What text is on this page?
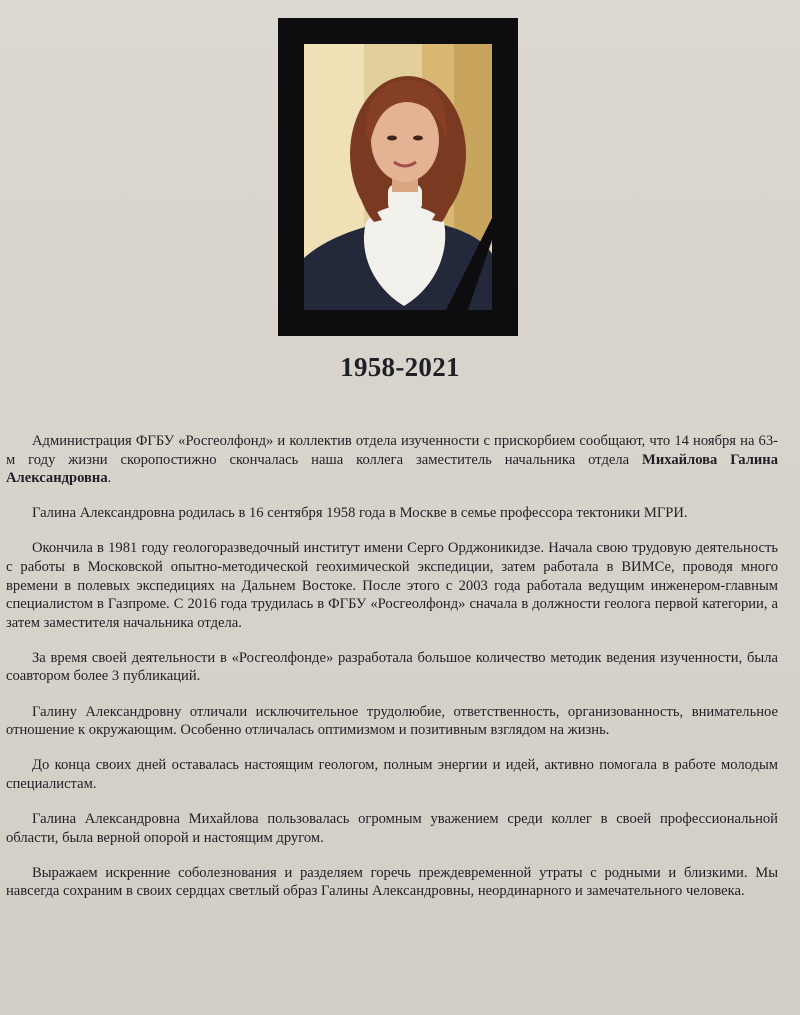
1958-2021

Администрация ФГБУ «Росгеолфонд» и коллектив отдела изученности с прискорбием сообщают, что 14 ноября на 63-м году жизни скоропостижно скончалась наша коллега заместитель начальника отдела Михайлова Галина Александровна.

Галина Александровна родилась в 16 сентября 1958 года в Москве в семье профессора тектоники МГРИ.

Окончила в 1981 году геологоразведочный институт имени Серго Орджоникидзе. Начала свою трудовую деятельность с работы в Московской опытно-методической геохимической экспедиции, затем работала в ВИМСе, проводя много времени в полевых экспедициях на Дальнем Востоке. После этого с 2003 года работала ведущим инженером-главным специалистом в Газпроме. С 2016 года трудилась в ФГБУ «Росгеолфонд» сначала в должности геолога первой категории, а затем заместителя начальника отдела.

За время своей деятельности в «Росгеолфонде» разработала большое количество методик ведения изученности, была соавтором более 3 публикаций.

Галину Александровну отличали исключительное трудолюбие, ответственность, организованность, внимательное отношение к окружающим. Особенно отличалась оптимизмом и позитивным взглядом на жизнь.

До конца своих дней оставалась настоящим геологом, полным энергии и идей, активно помогала в работе молодым специалистам.

Галина Александровна Михайлова пользовалась огромным уважением среди коллег в своей профессиональной области, была верной опорой и настоящим другом.

Выражаем искренние соболезнования и разделяем горечь преждевременной утраты с родными и близкими. Мы навсегда сохраним в своих сердцах светлый образ Галины Александровны, неординарного и замечательного человека.
